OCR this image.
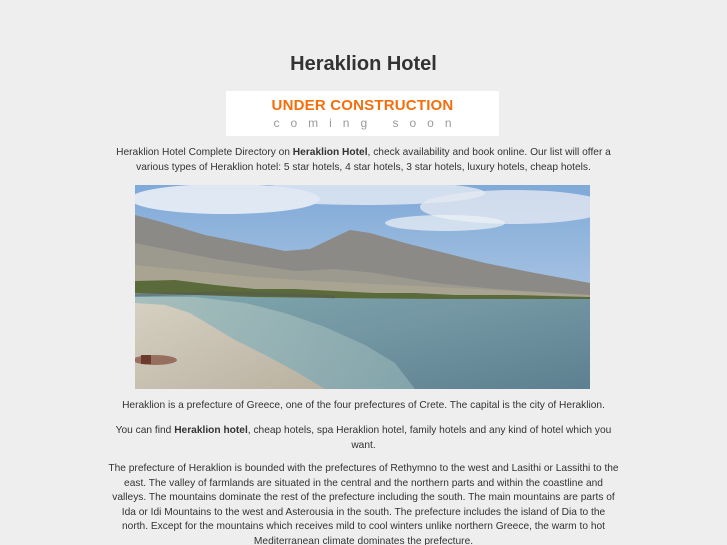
Heraklion Hotel
UNDER CONSTRUCTION
coming soon
Heraklion Hotel Complete Directory on Heraklion Hotel, check availability and book online. Our list will offer a various types of Heraklion hotel: 5 star hotels, 4 star hotels, 3 star hotels, luxury hotels, cheap hotels.
Heraklion is a prefecture of Greece, one of the four prefectures of Crete. The capital is the city of Heraklion.
You can find Heraklion hotel, cheap hotels, spa Heraklion hotel, family hotels and any kind of hotel which you want.
The prefecture of Heraklion is bounded with the prefectures of Rethymno to the west and Lasithi or Lassithi to the east. The valley of farmlands are situated in the central and the northern parts and within the coastline and valleys. The mountains dominate the rest of the prefecture including the south. The main mountains are parts of Ida or Idi Mountains to the west and Asterousia in the south. The prefecture includes the island of Dia to the north. Except for the mountains which receives mild to cool winters unlike northern Greece, the warm to hot Mediterranean climate dominates the prefecture.
